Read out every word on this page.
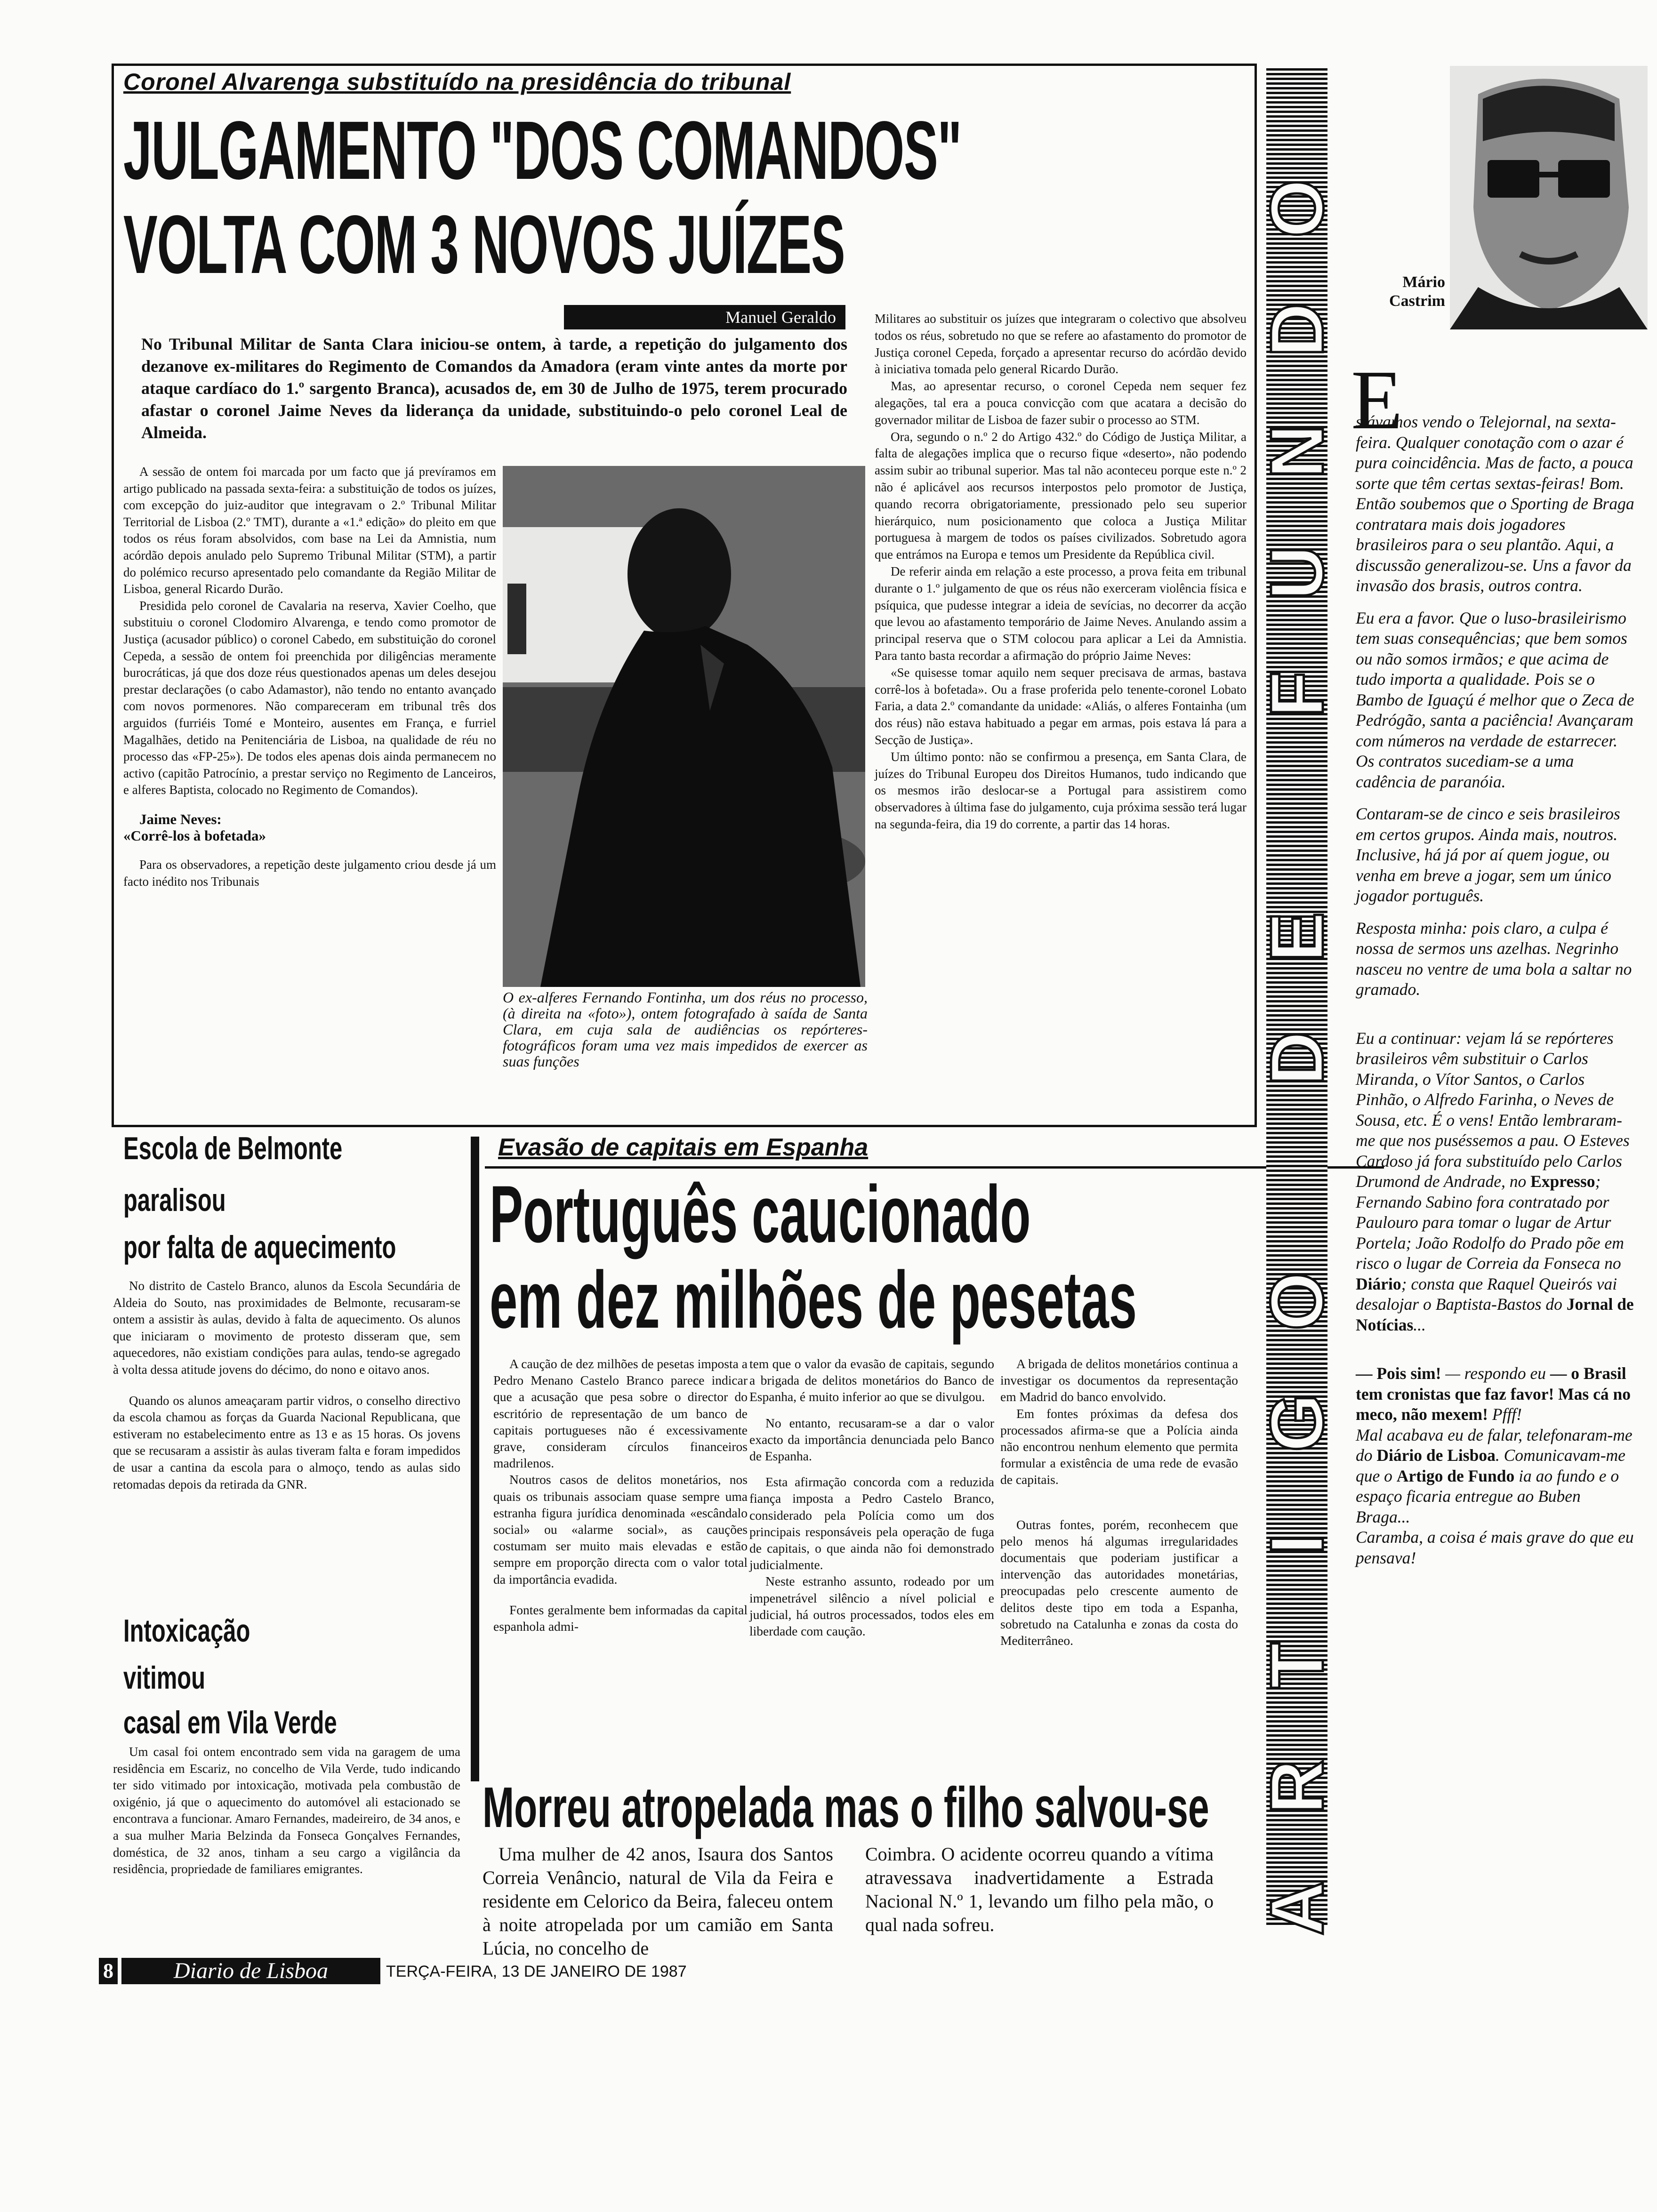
Coronel Alvarenga substituído na presidência do tribunal
JULGAMENTO "DOS COMANDOS"
VOLTA COM 3 NOVOS JUÍZES
Manuel Geraldo
No Tribunal Militar de Santa Clara iniciou-se ontem, à tarde, a repetição do julgamento dos dezanove ex-militares do Regimento de Comandos da Amadora (eram vinte antes da morte por ataque cardíaco do 1.º sargento Branca), acusados de, em 30 de Julho de 1975, terem procurado afastar o coronel Jaime Neves da liderança da unidade, substituindo-o pelo coronel Leal de Almeida.

A sessão de ontem foi marcada por um facto que já prevíramos em artigo publicado na passada sexta-feira: a substituição de todos os juízes, com excepção do juiz-auditor que integravam o 2.º Tribunal Militar Territorial de Lisboa (2.º TMT), durante a «1.ª edição» do pleito em que todos os réus foram absolvidos, com base na Lei da Amnistia, num acórdão depois anulado pelo Supremo Tribunal Militar (STM), a partir do polémico recurso apresentado pelo comandante da Região Militar de Lisboa, general Ricardo Durão.

Presidida pelo coronel de Cavalaria na reserva, Xavier Coelho, que substituiu o coronel Clodomiro Alvarenga, e tendo como promotor de Justiça (acusador público) o coronel Cabedo, em substituição do coronel Cepeda, a sessão de ontem foi preenchida por diligências meramente burocráticas, já que dos doze réus questionados apenas um deles desejou prestar declarações (o cabo Adamastor), não tendo no entanto avançado com novos pormenores. Não compareceram em tribunal três dos arguidos (furriéis Tomé e Monteiro, ausentes em França, e furriel Magalhães, detido na Penitenciária de Lisboa, na qualidade de réu no processo das «FP-25»). De todos eles apenas dois ainda permanecem no activo (capitão Patrocínio, a prestar serviço no Regimento de Lanceiros, e alferes Baptista, colocado no Regimento de Comandos).

Jaime Neves:

«Corrê-los à bofetada»

Para os observadores, a repetição deste julgamento criou desde já um facto inédito nos Tribunais

O ex-alferes Fernando Fontinha, um dos réus no processo, (à direita na «foto»), ontem fotografado à saída de Santa Clara, em cuja sala de audiências os repórteres-fotográficos foram uma vez mais impedidos de exercer as suas funções

Militares ao substituir os juízes que integraram o colectivo que absolveu todos os réus, sobretudo no que se refere ao afastamento do promotor de Justiça coronel Cepeda, forçado a apresentar recurso do acórdão devido à iniciativa tomada pelo general Ricardo Durão.

Mas, ao apresentar recurso, o coronel Cepeda nem sequer fez alegações, tal era a pouca convicção com que acatara a decisão do governador militar de Lisboa de fazer subir o processo ao STM.

Ora, segundo o n.º 2 do Artigo 432.º do Código de Justiça Militar, a falta de alegações implica que o recurso fique «deserto», não podendo assim subir ao tribunal superior. Mas tal não aconteceu porque este n.º 2 não é aplicável aos recursos interpostos pelo promotor de Justiça, quando recorra obrigatoriamente, pressionado pelo seu superior hierárquico, num posicionamento que coloca a Justiça Militar portuguesa à margem de todos os países civilizados. Sobretudo agora que entrámos na Europa e temos um Presidente da República civil.

De referir ainda em relação a este processo, a prova feita em tribunal durante o 1.º julgamento de que os réus não exerceram violência física e psíquica, que pudesse integrar a ideia de sevícias, no decorrer da acção que levou ao afastamento temporário de Jaime Neves. Anulando assim a principal reserva que o STM colocou para aplicar a Lei da Amnistia. Para tanto basta recordar a afirmação do próprio Jaime Neves:

«Se quisesse tomar aquilo nem sequer precisava de armas, bastava corrê-los à bofetada». Ou a frase proferida pelo tenente-coronel Lobato Faria, a data 2.º comandante da unidade: «Aliás, o alferes Fontainha (um dos réus) não estava habituado a pegar em armas, pois estava lá para a Secção de Justiça».

Um último ponto: não se confirmou a presença, em Santa Clara, de juízes do Tribunal Europeu dos Direitos Humanos, tudo indicando que os mesmos irão deslocar-se a Portugal para assistirem como observadores à última fase do julgamento, cuja próxima sessão terá lugar na segunda-feira, dia 19 do corrente, a partir das 14 horas.

Escola de Belmonte
paralisou
por falta de aquecimento

No distrito de Castelo Branco, alunos da Escola Secundária de Aldeia do Souto, nas proximidades de Belmonte, recusaram-se ontem a assistir às aulas, devido à falta de aquecimento. Os alunos que iniciaram o movimento de protesto disseram que, sem aquecedores, não existiam condições para aulas, tendo-se agregado à volta dessa atitude jovens do décimo, do nono e oitavo anos.

Quando os alunos ameaçaram partir vidros, o conselho directivo da escola chamou as forças da Guarda Nacional Republicana, que estiveram no estabelecimento entre as 13 e as 15 horas. Os jovens que se recusaram a assistir às aulas tiveram falta e foram impedidos de usar a cantina da escola para o almoço, tendo as aulas sido retomadas depois da retirada da GNR.

Intoxicação
vitimou
casal em Vila Verde

Um casal foi ontem encontrado sem vida na garagem de uma residência em Escariz, no concelho de Vila Verde, tudo indicando ter sido vitimado por intoxicação, motivada pela combustão de oxigénio, já que o aquecimento do automóvel ali estacionado se encontrava a funcionar. Amaro Fernandes, madeireiro, de 34 anos, e a sua mulher Maria Belzinda da Fonseca Gonçalves Fernandes, doméstica, de 32 anos, tinham a seu cargo a vigilância da residência, propriedade de familiares emigrantes.

Evasão de capitais em Espanha
Português caucionado
em dez milhões de pesetas

A caução de dez milhões de pesetas imposta a Pedro Menano Castelo Branco parece indicar que a acusação que pesa sobre o director do escritório de representação de um banco de capitais portugueses não é excessivamente grave, consideram círculos financeiros madrilenos.

Noutros casos de delitos monetários, nos quais os tribunais associam quase sempre uma estranha figura jurídica denominada «escândalo social» ou «alarme social», as cauções costumam ser muito mais elevadas e estão sempre em proporção directa com o valor total da importância evadida.

Fontes geralmente bem informadas da capital espanhola admi-

tem que o valor da evasão de capitais, segundo a brigada de delitos monetários do Banco de Espanha, é muito inferior ao que se divulgou.

No entanto, recusaram-se a dar o valor exacto da importância denunciada pelo Banco de Espanha.

Esta afirmação concorda com a reduzida fiança imposta a Pedro Castelo Branco, considerado pela Polícia como um dos principais responsáveis pela operação de fuga de capitais, o que ainda não foi demonstrado judicialmente.

Neste estranho assunto, rodeado por um impenetrável silêncio a nível policial e judicial, há outros processados, todos eles em liberdade com caução.

A brigada de delitos monetários continua a investigar os documentos da representação em Madrid do banco envolvido.

Em fontes próximas da defesa dos processados afirma-se que a Polícia ainda não encontrou nenhum elemento que permita formular a existência de uma rede de evasão de capitais.

Outras fontes, porém, reconhecem que pelo menos há algumas irregularidades documentais que poderiam justificar a intervenção das autoridades monetárias, preocupadas pelo crescente aumento de delitos deste tipo em toda a Espanha, sobretudo na Catalunha e zonas da costa do Mediterrâneo.

Morreu atropelada mas o filho salvou-se
Uma mulher de 42 anos, Isaura dos Santos Correia Venâncio, natural de Vila da Feira e residente em Celorico da Beira, faleceu ontem à noite atropelada por um camião em Santa Lúcia, no concelho de
Coimbra. O acidente ocorreu quando a vítima atravessava inadvertidamente a Estrada Nacional N.º 1, levando um filho pela mão, o qual nada sofreu.
8	Diario de Lisboa	TERÇA-FEIRA, 13 DE JANEIRO DE 1987
A
R
T
I
G
O
D
E
F
U
N
D
O
Mário
Castrim

E
stávamos vendo o Telejornal, na sexta-feira. Qualquer conotação com o azar é pura coincidência. Mas de facto, a pouca sorte que têm certas sextas-feiras! Bom. Então soubemos que o Sporting de Braga contratara mais dois jogadores brasileiros para o seu plantão. Aqui, a discussão generalizou-se. Uns a favor da invasão dos brasis, outros contra.

Eu era a favor. Que o luso-brasileirismo tem suas consequências; que bem somos ou não somos irmãos; e que acima de tudo importa a qualidade. Pois se o Bambo de Iguaçú é melhor que o Zeca de Pedrógão, santa a paciência! Avançaram com números na verdade de estarrecer. Os contratos sucediam-se a uma cadência de paranóia.

Contaram-se de cinco e seis brasileiros em certos grupos. Ainda mais, noutros. Inclusive, há já por aí quem jogue, ou venha em breve a jogar, sem um único jogador português.

Resposta minha: pois claro, a culpa é nossa de sermos uns azelhas. Negrinho nasceu no ventre de uma bola a saltar no gramado.

Eu a continuar: vejam lá se repórteres brasileiros vêm substituir o Carlos Miranda, o Vítor Santos, o Carlos Pinhão, o Alfredo Farinha, o Neves de Sousa, etc. É o vens! Então lembraram-me que nos puséssemos a pau. O Esteves Cardoso já fora substituído pelo Carlos Drumond de Andrade, no Expresso; Fernando Sabino fora contratado por Paulouro para tomar o lugar de Artur Portela; João Rodolfo do Prado põe em risco o lugar de Correia da Fonseca no Diário; consta que Raquel Queirós vai desalojar o Baptista-Bastos do Jornal de Notícias...

— Pois sim! — respondo eu — o Brasil tem cronistas que faz favor! Mas cá no meco, não mexem! Pfff!

Mal acabava eu de falar, telefonaram-me do Diário de Lisboa. Comunicavam-me que o Artigo de Fundo ia ao fundo e o espaço ficaria entregue ao Buben Braga...

Caramba, a coisa é mais grave do que eu pensava!
